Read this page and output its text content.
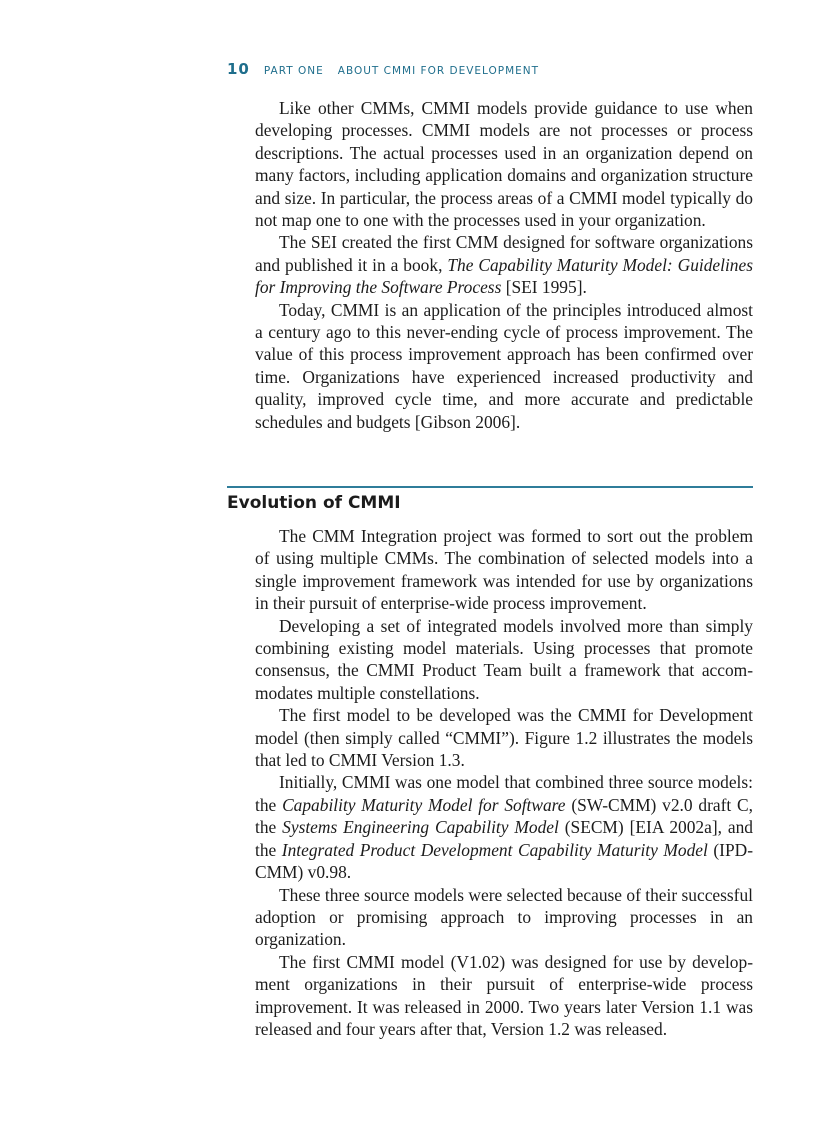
10 PART ONE ABOUT CMMI FOR DEVELOPMENT

Like other CMMs, CMMI models provide guidance to use when developing processes. CMMI models are not processes or process descriptions. The actual processes used in an organization depend on many factors, including application domains and organization structure and size. In particular, the process areas of a CMMI model typically do not map one to one with the processes used in your organization.

The SEI created the first CMM designed for software organizations and published it in a book, The Capability Maturity Model: Guidelines for Improving the Software Process [SEI 1995].

Today, CMMI is an application of the principles introduced almost a century ago to this never-ending cycle of process improvement. The value of this process improvement approach has been confirmed over time. Organizations have experienced increased productivity and quality, improved cycle time, and more accurate and predictable schedules and budgets [Gibson 2006].

Evolution of CMMI

The CMM Integration project was formed to sort out the problem of using multiple CMMs. The combination of selected models into a single improvement framework was intended for use by organizations in their pursuit of enterprise-wide process improvement.

Developing a set of integrated models involved more than simply combining existing model materials. Using processes that promote consensus, the CMMI Product Team built a framework that accommodates multiple constellations.

The first model to be developed was the CMMI for Development model (then simply called “CMMI”). Figure 1.2 illustrates the models that led to CMMI Version 1.3.

Initially, CMMI was one model that combined three source models: the Capability Maturity Model for Software (SW-CMM) v2.0 draft C, the Systems Engineering Capability Model (SECM) [EIA 2002a], and the Integrated Product Development Capability Maturity Model (IPD-CMM) v0.98.

These three source models were selected because of their successful adoption or promising approach to improving processes in an organization.

The first CMMI model (V1.02) was designed for use by development organizations in their pursuit of enterprise-wide process improvement. It was released in 2000. Two years later Version 1.1 was released and four years after that, Version 1.2 was released.
